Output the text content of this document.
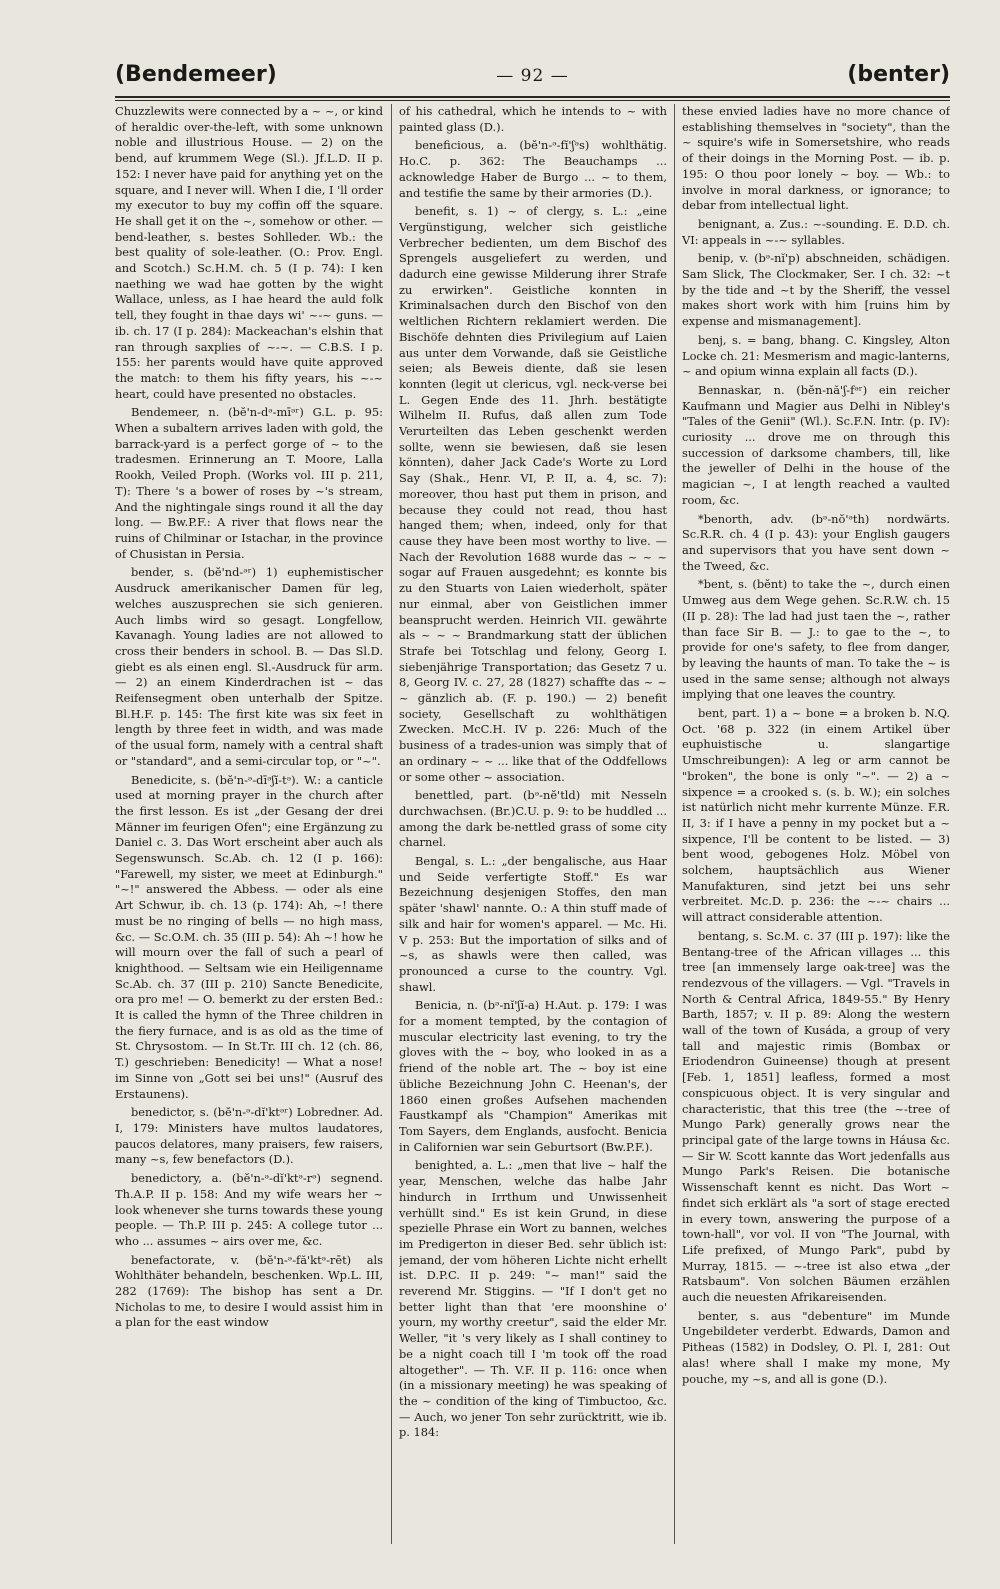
(Bendemeer)	— 92 —	(benter)

Chuzzlewits were connected by a ~ ~, or kind of heraldic over-the-left, with some unknown noble and illustrious House. — 2) on the bend, auf krummem Wege (Sl.). Jf.L.D. II p. 152: I never have paid for anything yet on the square, and I never will. When I die, I 'll order my executor to buy my coffin off the square. He shall get it on the ~, somehow or other. — bend-leather, s. bestes Sohlleder. Wb.: the best quality of sole-leather. (O.: Prov. Engl. and Scotch.) Sc.H.M. ch. 5 (I p. 74): I ken naething we wad hae gotten by the wight Wallace, unless, as I hae heard the auld folk tell, they fought in thae days wi' ~-~ guns. — ib. ch. 17 (I p. 284): Mackeachan's elshin that ran through saxplies of ~-~. — C.B.S. I p. 155: her parents would have quite approved the match: to them his fifty years, his ~-~ heart, could have presented no obstacles.

Bendemeer, n. (bĕ'n-dᵊ-mīᵊʳ) G.L. p. 95: When a subaltern arrives laden with gold, the barrack-yard is a perfect gorge of ~ to the tradesmen. Erinnerung an T. Moore, Lalla Rookh, Veiled Proph. (Works vol. III p. 211, T): There 's a bower of roses by ~'s stream, And the nightingale sings round it all the day long. — Bw.P.F.: A river that flows near the ruins of Chilminar or Istachar, in the province of Chusistan in Persia.

bender, s. (bĕ'nd-ᵊʳ) 1) euphemistischer Ausdruck amerikanischer Damen für leg, welches auszusprechen sie sich genieren. Auch limbs wird so gesagt. Longfellow, Kavanagh. Young ladies are not allowed to cross their benders in school. B. — Das Sl.D. giebt es als einen engl. Sl.-Ausdruck für arm. — 2) an einem Kinderdrachen ist ~ das Reifensegment oben unterhalb der Spitze. Bl.H.F. p. 145: The first kite was six feet in length by three feet in width, and was made of the usual form, namely with a central shaft or "standard", and a semi-circular top, or "~".

Benedicite, s. (bĕ'n-ᵊ-dīᵊʃĭ-tᵊ). W.: a canticle used at morning prayer in the church after the first lesson. Es ist „der Gesang der drei Männer im feurigen Ofen"; eine Ergänzung zu Daniel c. 3. Das Wort erscheint aber auch als Segenswunsch. Sc.Ab. ch. 12 (I p. 166): "Farewell, my sister, we meet at Edinburgh." "~!" answered the Abbess. — oder als eine Art Schwur, ib. ch. 13 (p. 174): Ah, ~! there must be no ringing of bells — no high mass, &c. — Sc.O.M. ch. 35 (III p. 54): Ah ~! how he will mourn over the fall of such a pearl of knighthood. — Seltsam wie ein Heiligenname Sc.Ab. ch. 37 (III p. 210) Sancte Benedicite, ora pro me! — O. bemerkt zu der ersten Bed.: It is called the hymn of the Three children in the fiery furnace, and is as old as the time of St. Chrysostom. — In St.Tr. III ch. 12 (ch. 86, T.) geschrieben: Benedicity! — What a nose! im Sinne von „Gott sei bei uns!" (Ausruf des Erstaunens).

benedictor, s. (bĕ'n-ᵊ-dĭ'ktᵊʳ) Lobredner. Ad. I, 179: Ministers have multos laudatores, paucos delatores, many praisers, few raisers, many ~s, few benefactors (D.).

benedictory, a. (bĕ'n-ᵊ-dĭ'ktᵊ-rᵊ) segnend. Th.A.P. II p. 158: And my wife wears her ~ look whenever she turns towards these young people. — Th.P. III p. 245: A college tutor ... who ... assumes ~ airs over me, &c.

benefactorate, v. (bĕ'n-ᵊ-fă'ktᵊ-rēt) als Wohlthäter behandeln, beschenken. Wp.L. III, 282 (1769): The bishop has sent a Dr. Nicholas to me, to desire I would assist him in a plan for the east window

of his cathedral, which he intends to ~ with painted glass (D.).

beneficious, a. (bĕ'n-ᵊ-fĭ'ʃᵊs) wohlthätig. Ho.C. p. 362: The Beauchamps ... acknowledge Haber de Burgo ... ~ to them, and testifie the same by their armories (D.).

benefit, s. 1) ~ of clergy, s. L.: „eine Vergünstigung, welcher sich geistliche Verbrecher bedienten, um dem Bischof des Sprengels ausgeliefert zu werden, und dadurch eine gewisse Milderung ihrer Strafe zu erwirken". Geistliche konnten in Kriminalsachen durch den Bischof von den weltlichen Richtern reklamiert werden. Die Bischöfe dehnten dies Privilegium auf Laien aus unter dem Vorwande, daß sie Geistliche seien; als Beweis diente, daß sie lesen konnten (legit ut clericus, vgl. neck-verse bei L. Gegen Ende des 11. Jhrh. bestätigte Wilhelm II. Rufus, daß allen zum Tode Verurteilten das Leben geschenkt werden sollte, wenn sie bewiesen, daß sie lesen könnten), daher Jack Cade's Worte zu Lord Say (Shak., Henr. VI, P. II, a. 4, sc. 7): moreover, thou hast put them in prison, and because they could not read, thou hast hanged them; when, indeed, only for that cause they have been most worthy to live. — Nach der Revolution 1688 wurde das ~ ~ ~ sogar auf Frauen ausgedehnt; es konnte bis zu den Stuarts von Laien wiederholt, später nur einmal, aber von Geistlichen immer beansprucht werden. Heinrich VII. gewährte als ~ ~ ~ Brandmarkung statt der üblichen Strafe bei Totschlag und felony, Georg I. siebenjährige Transportation; das Gesetz 7 u. 8, Georg IV. c. 27, 28 (1827) schaffte das ~ ~ ~ gänzlich ab. (F. p. 190.) — 2) benefit society, Gesellschaft zu wohlthätigen Zwecken. McC.H. IV p. 226: Much of the business of a trades-union was simply that of an ordinary ~ ~ ... like that of the Oddfellows or some other ~ association.

benettled, part. (bᵊ-nĕ'tld) mit Nesseln durchwachsen. (Br.)C.U. p. 9: to be huddled ... among the dark be-nettled grass of some city charnel.

Bengal, s. L.: „der bengalische, aus Haar und Seide verfertigte Stoff." Es war Bezeichnung desjenigen Stoffes, den man später 'shawl' nannte. O.: A thin stuff made of silk and hair for women's apparel. — Mc. Hi. V p. 253: But the importation of silks and of ~s, as shawls were then called, was pronounced a curse to the country. Vgl. shawl.

Benicia, n. (bᵊ-nĭ'ʃĭ-a) H.Aut. p. 179: I was for a moment tempted, by the contagion of muscular electricity last evening, to try the gloves with the ~ boy, who looked in as a friend of the noble art. The ~ boy ist eine übliche Bezeichnung John C. Heenan's, der 1860 einen großes Aufsehen machenden Faustkampf als "Champion" Amerikas mit Tom Sayers, dem Englands, ausfocht. Benicia in Californien war sein Geburtsort (Bw.P.F.).

benighted, a. L.: „men that live ~ half the year, Menschen, welche das halbe Jahr hindurch in Irrthum und Unwissenheit verhüllt sind." Es ist kein Grund, in diese spezielle Phrase ein Wort zu bannen, welches im Predigerton in dieser Bed. sehr üblich ist: jemand, der vom höheren Lichte nicht erhellt ist. D.P.C. II p. 249: "~ man!" said the reverend Mr. Stiggins. — "If I don't get no better light than that 'ere moonshine o' yourn, my worthy creetur", said the elder Mr. Weller, "it 's very likely as I shall continey to be a night coach till I 'm took off the road altogether". — Th. V.F. II p. 116: once when (in a missionary meeting) he was speaking of the ~ condition of the king of Timbuctoo, &c. — Auch, wo jener Ton sehr zurücktritt, wie ib. p. 184:

these envied ladies have no more chance of establishing themselves in "society", than the ~ squire's wife in Somersetshire, who reads of their doings in the Morning Post. — ib. p. 195: O thou poor lonely ~ boy. — Wb.: to involve in moral darkness, or ignorance; to debar from intellectual light.

benignant, a. Zus.: ~-sounding. E. D.D. ch. VI: appeals in ~-~ syllables.

benip, v. (bᵊ-nĭ'p) abschneiden, schädigen. Sam Slick, The Clockmaker, Ser. I ch. 32: ~t by the tide and ~t by the Sheriff, the vessel makes short work with him [ruins him by expense and mismanagement].

benj, s. = bang, bhang. C. Kingsley, Alton Locke ch. 21: Mesmerism and magic-lanterns, ~ and opium winna explain all facts (D.).

Bennaskar, n. (bĕn-nă'ʃ-fᵊʳ) ein reicher Kaufmann und Magier aus Delhi in Nibley's "Tales of the Genii" (Wl.). Sc.F.N. Intr. (p. IV): curiosity ... drove me on through this succession of darksome chambers, till, like the jeweller of Delhi in the house of the magician ~, I at length reached a vaulted room, &c.

*benorth, adv. (bᵊ-nŏ'ᵊth) nordwärts. Sc.R.R. ch. 4 (I p. 43): your English gaugers and supervisors that you have sent down ~ the Tweed, &c.

*bent, s. (bĕnt) to take the ~, durch einen Umweg aus dem Wege gehen. Sc.R.W. ch. 15 (II p. 28): The lad had just taen the ~, rather than face Sir B. — J.: to gae to the ~, to provide for one's safety, to flee from danger, by leaving the haunts of man. To take the ~ is used in the same sense; although not always implying that one leaves the country.

bent, part. 1) a ~ bone = a broken b. N.Q. Oct. '68 p. 322 (in einem Artikel über euphuistische u. slangartige Umschreibungen): A leg or arm cannot be "broken", the bone is only "~". — 2) a ~ sixpence = a crooked s. (s. b. W.); ein solches ist natürlich nicht mehr kurrente Münze. F.R. II, 3: if I have a penny in my pocket but a ~ sixpence, I'll be content to be listed. — 3) bent wood, gebogenes Holz. Möbel von solchem, hauptsächlich aus Wiener Manufakturen, sind jetzt bei uns sehr verbreitet. Mc.D. p. 236: the ~-~ chairs ... will attract considerable attention.

bentang, s. Sc.M. c. 37 (III p. 197): like the Bentang-tree of the African villages ... this tree [an immensely large oak-tree] was the rendezvous of the villagers. — Vgl. "Travels in North & Central Africa, 1849-55." By Henry Barth, 1857; v. II p. 89: Along the western wall of the town of Kusáda, a group of very tall and majestic rimis (Bombax or Eriodendron Guineense) though at present [Feb. 1, 1851] leafless, formed a most conspicuous object. It is very singular and characteristic, that this tree (the ~-tree of Mungo Park) generally grows near the principal gate of the large towns in Háusa &c. — Sir W. Scott kannte das Wort jedenfalls aus Mungo Park's Reisen. Die botanische Wissenschaft kennt es nicht. Das Wort ~ findet sich erklärt als "a sort of stage erected in every town, answering the purpose of a town-hall", vor vol. II von "The Journal, with Life prefixed, of Mungo Park", pubd by Murray, 1815. — ~-tree ist also etwa „der Ratsbaum". Von solchen Bäumen erzählen auch die neuesten Afrikareisenden.

benter, s. aus "debenture" im Munde Ungebildeter verderbt. Edwards, Damon and Pitheas (1582) in Dodsley, O. Pl. I, 281: Out alas! where shall I make my mone, My pouche, my ~s, and all is gone (D.).
